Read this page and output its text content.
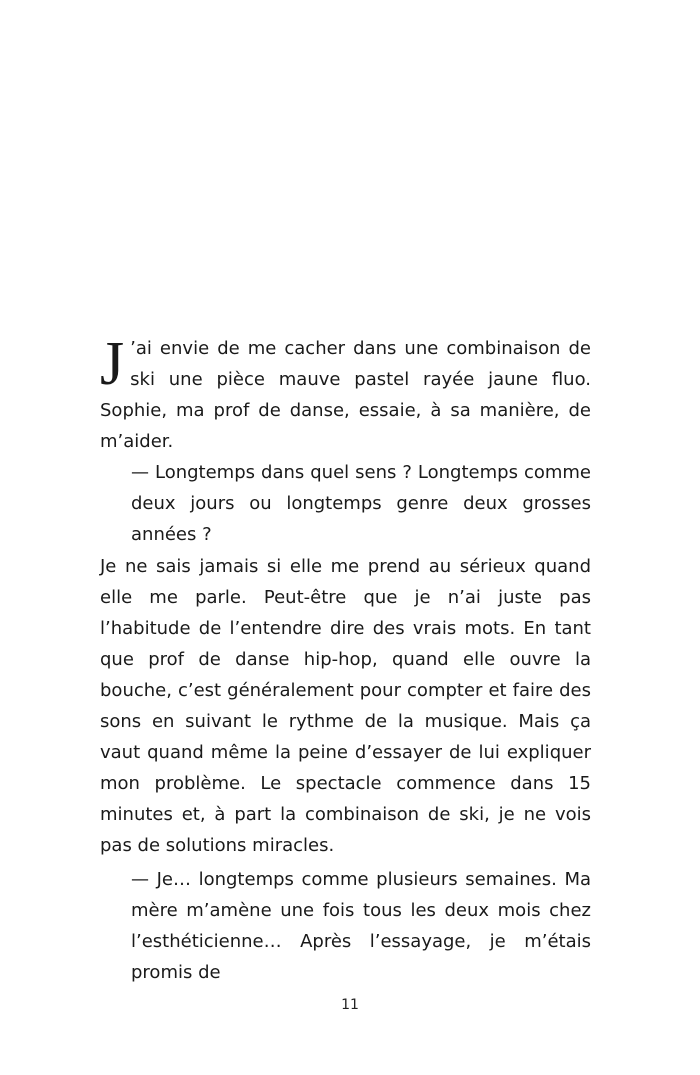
J ’ai envie de me cacher dans une combinaison de ski une pièce mauve pastel rayée jaune fluo. Sophie, ma prof de danse, essaie, à sa manière, de m’aider.
— Longtemps dans quel sens ? Longtemps comme deux jours ou longtemps genre deux grosses années ?
Je ne sais jamais si elle me prend au sérieux quand elle me parle. Peut-être que je n’ai juste pas l’habitude de l’entendre dire des vrais mots. En tant que prof de danse hip-hop, quand elle ouvre la bouche, c’est généralement pour compter et faire des sons en suivant le rythme de la musique. Mais ça vaut quand même la peine d’essayer de lui expliquer mon problème. Le spectacle commence dans 15 minutes et, à part la combinaison de ski, je ne vois pas de solutions miracles.
— Je… longtemps comme plusieurs semaines. Ma mère m’amène une fois tous les deux mois chez l’esthéticienne… Après l’essayage, je m’étais promis de
11
